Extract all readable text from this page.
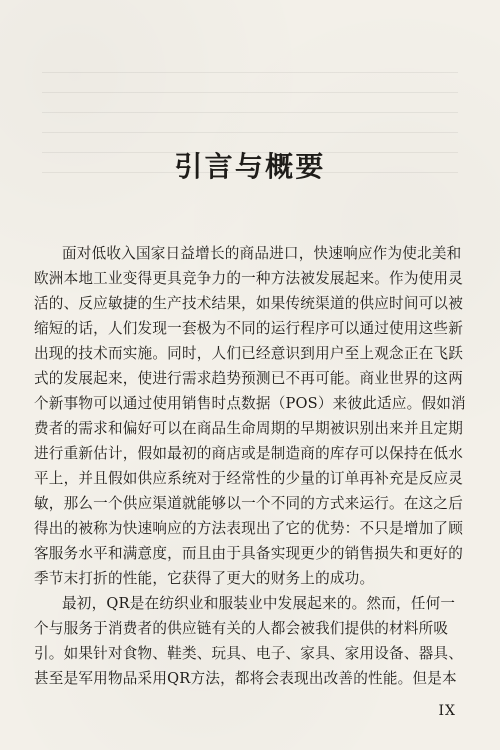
引言与概要
面对低收入国家日益增长的商品进口，快速响应作为使北美和
欧洲本地工业变得更具竞争力的一种方法被发展起来。作为使用灵
活的、反应敏捷的生产技术结果，如果传统渠道的供应时间可以被
缩短的话，人们发现一套极为不同的运行程序可以通过使用这些新
出现的技术而实施。同时，人们已经意识到用户至上观念正在飞跃
式的发展起来，使进行需求趋势预测已不再可能。商业世界的这两
个新事物可以通过使用销售时点数据（POS）来彼此适应。假如消
费者的需求和偏好可以在商品生命周期的早期被识别出来并且定期
进行重新估计，假如最初的商店或是制造商的库存可以保持在低水
平上，并且假如供应系统对于经常性的少量的订单再补充是反应灵
敏，那么一个供应渠道就能够以一个不同的方式来运行。在这之后
得出的被称为快速响应的方法表现出了它的优势：不只是增加了顾
客服务水平和满意度，而且由于具备实现更少的销售损失和更好的
季节末打折的性能，它获得了更大的财务上的成功。
最初，QR是在纺织业和服装业中发展起来的。然而，任何一
个与服务于消费者的供应链有关的人都会被我们提供的材料所吸
引。如果针对食物、鞋类、玩具、电子、家具、家用设备、器具、
甚至是军用物品采用QR方法，都将会表现出改善的性能。但是本
IX
